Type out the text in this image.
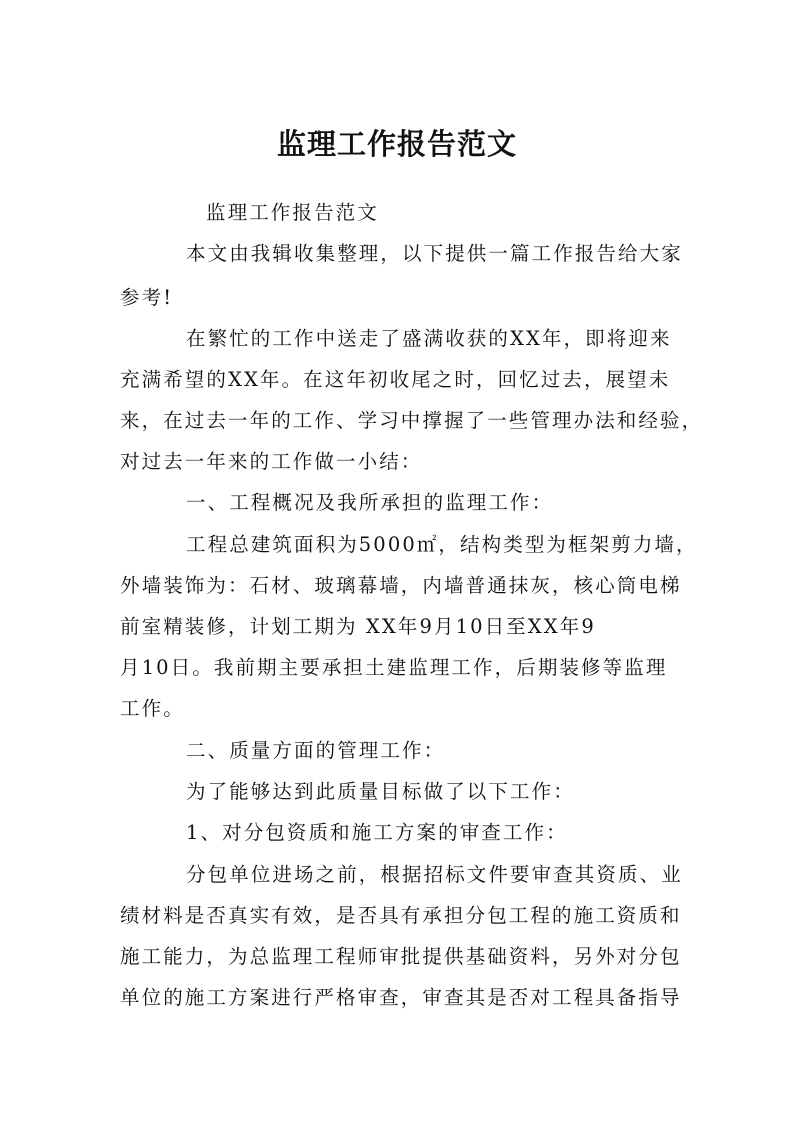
监理工作报告范文
监理工作报告范文
本文由我辑收集整理，以下提供一篇工作报告给大家
参考!
在繁忙的工作中送走了盛满收获的XX年，即将迎来
充满希望的XX年。在这年初收尾之时，回忆过去，展望未
来，在过去一年的工作、学习中撑握了一些管理办法和经验，
对过去一年来的工作做一小结：
一、工程概况及我所承担的监理工作：
工程总建筑面积为5000㎡，结构类型为框架剪力墙，
外墙装饰为：石材、玻璃幕墙，内墙普通抹灰，核心筒电梯
前室精装修，计划工期为 XX年9月10日至XX年9
月10日。我前期主要承担土建监理工作，后期装修等监理
工作。
二、质量方面的管理工作：
为了能够达到此质量目标做了以下工作：
1、对分包资质和施工方案的审查工作：
分包单位进场之前，根据招标文件要审查其资质、业
绩材料是否真实有效，是否具有承担分包工程的施工资质和
施工能力，为总监理工程师审批提供基础资料，另外对分包
单位的施工方案进行严格审查，审查其是否对工程具备指导
